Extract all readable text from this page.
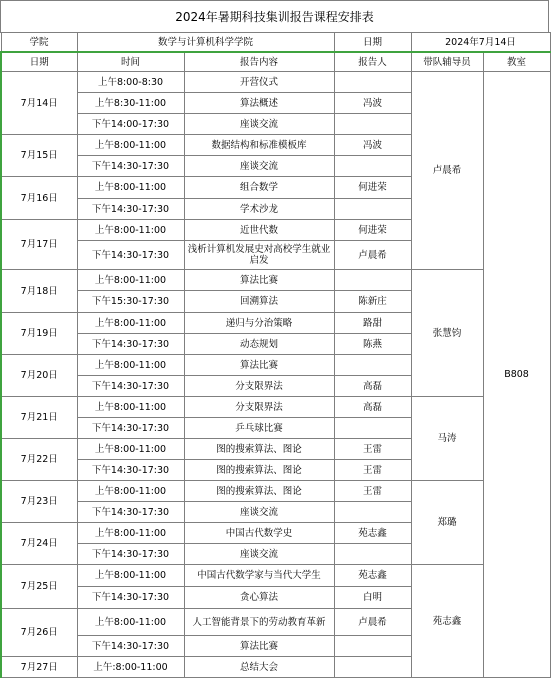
2024年暑期科技集训报告课程安排表
学院	数学与计算机科学学院		日期	2024年7月14日	
日期	时间	报告内容	报告人	带队辅导员	教室
7月14日	上午8:00-8:30	开营仪式		卢晨希	B808
	上午8:30-11:00	算法概述	冯波		
	下午14:00-17:30	座谈交流			
7月15日	上午8:00-11:00	数据结构和标准模板库	冯波		
	下午14:30-17:30	座谈交流			
7月16日	上午8:00-11:00	组合数学	何进荣		
	下午14:30-17:30	学术沙龙			
7月17日	上午8:00-11:00	近世代数	何进荣		
	下午14:30-17:30	浅析计算机发展史对高校学生就业启发	卢晨希		
7月18日	上午8:00-11:00	算法比赛		张慧钧	
	下午15:30-17:30	回溯算法	陈新庄		
7月19日	上午8:00-11:00	递归与分治策略	路甜		
	下午14:30-17:30	动态规划	陈燕		
7月20日	上午8:00-11:00	算法比赛			
	下午14:30-17:30	分支限界法	高磊		
7月21日	上午8:00-11:00	分支限界法	高磊	马涛	
	下午14:30-17:30	乒乓球比赛			
7月22日	上午8:00-11:00	图的搜索算法、图论	王雷		
	下午14:30-17:30	图的搜索算法、图论	王雷		
7月23日	上午8:00-11:00	图的搜索算法、图论	王雷	郑璐	
	下午14:30-17:30	座谈交流			
7月24日	上午8:00-11:00	中国古代数学史	苑志鑫		
	下午14:30-17:30	座谈交流			
7月25日	上午8:00-11:00	中国古代数学家与当代大学生	苑志鑫	苑志鑫	
	下午14:30-17:30	贪心算法	白明		
7月26日	上午8:00-11:00	人工智能背景下的劳动教育革新	卢晨希		
	下午14:30-17:30	算法比赛			
7月27日	上午:8:00-11:00	总结大会			
